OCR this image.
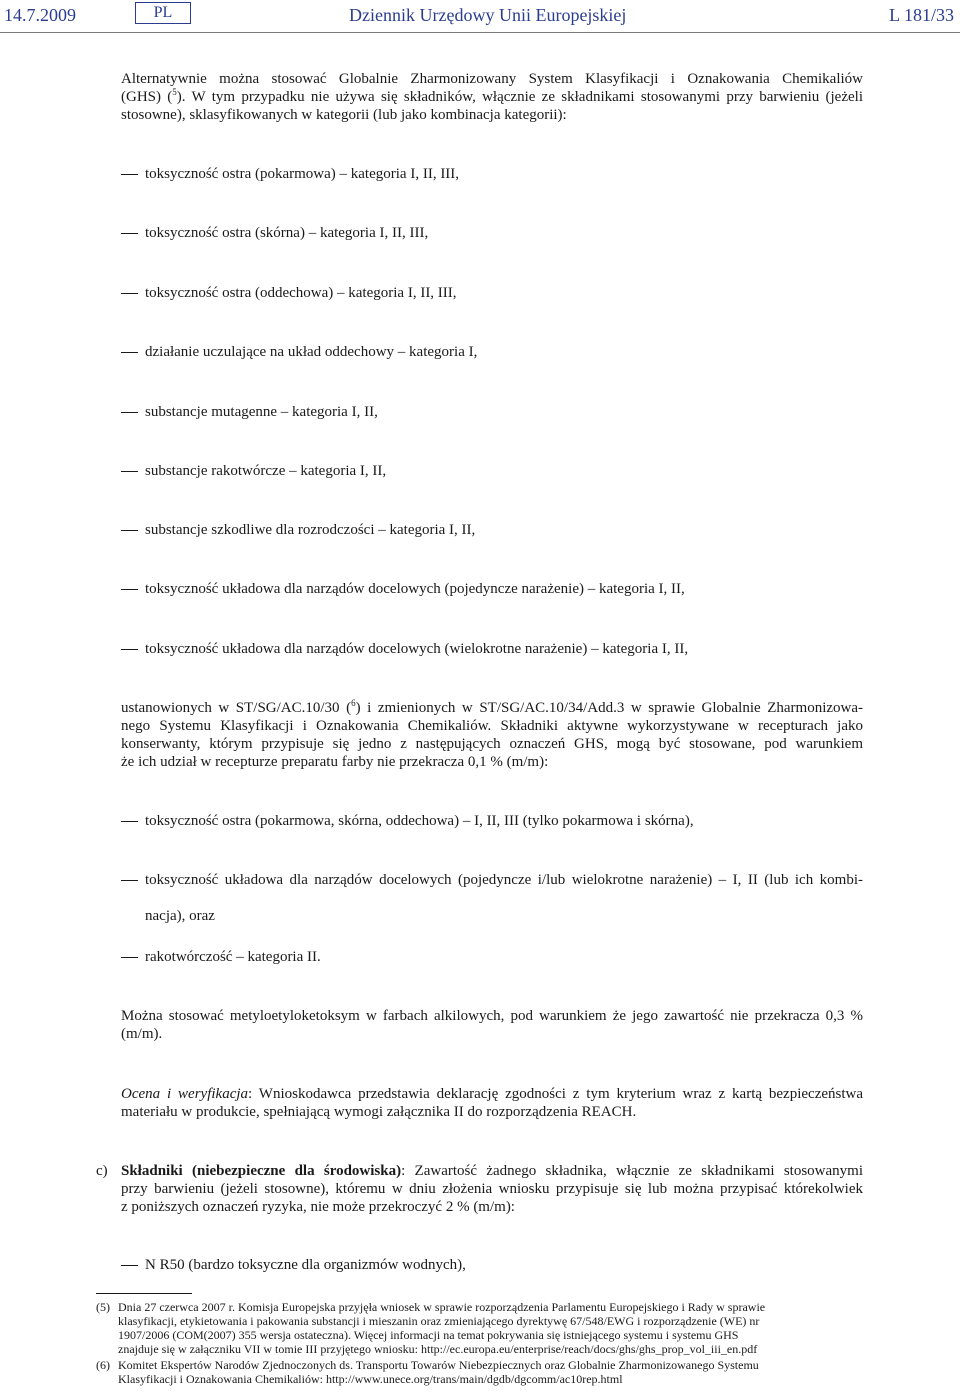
14.7.2009	PL	Dziennik Urzędowy Unii Europejskiej	L 181/33
Alternatywnie można stosować Globalnie Zharmonizowany System Klasyfikacji i Oznakowania Chemikaliów
(GHS) ($^5$). W tym przypadku nie używa się składników, włącznie ze składnikami stosowanymi przy barwieniu (jeżeli
stosowne), sklasyfikowanych w kategorii (lub jako kombinacja kategorii):
toksyczność ostra (pokarmowa) – kategoria I, II, III,
toksyczność ostra (skórna) – kategoria I, II, III,
toksyczność ostra (oddechowa) – kategoria I, II, III,
działanie uczulające na układ oddechowy – kategoria I,
substancje mutagenne – kategoria I, II,
substancje rakotwórcze – kategoria I, II,
substancje szkodliwe dla rozrodczości – kategoria I, II,
toksyczność układowa dla narządów docelowych (pojedyncze narażenie) – kategoria I, II,
toksyczność układowa dla narządów docelowych (wielokrotne narażenie) – kategoria I, II,
ustanowionych w ST/SG/AC.10/30 ($^6$) i zmienionych w ST/SG/AC.10/34/Add.3 w sprawie Globalnie Zharmonizowa-
nego Systemu Klasyfikacji i Oznakowania Chemikaliów. Składniki aktywne wykorzystywane w recepturach jako
konserwanty, którym przypisuje się jedno z następujących oznaczeń GHS, mogą być stosowane, pod warunkiem
że ich udział w recepturze preparatu farby nie przekracza 0,1 % (m/m):
toksyczność ostra (pokarmowa, skórna, oddechowa) – I, II, III (tylko pokarmowa i skórna),
toksyczność układowa dla narządów docelowych (pojedyncze i/lub wielokrotne narażenie) – I, II (lub ich kombi-
nacja), oraz
rakotwórczość – kategoria II.
Można stosować metyloetyloketoksym w farbach alkilowych, pod warunkiem że jego zawartość nie przekracza 0,3 %
(m/m).
Ocena i weryfikacja: Wnioskodawca przedstawia deklarację zgodności z tym kryterium wraz z kartą bezpieczeństwa
materiału w produkcie, spełniającą wymogi załącznika II do rozporządzenia REACH.
c) Składniki (niebezpieczne dla środowiska): Zawartość żadnego składnika, włącznie ze składnikami stosowanymi
przy barwieniu (jeżeli stosowne), któremu w dniu złożenia wniosku przypisuje się lub można przypisać którekolwiek
z poniższych oznaczeń ryzyka, nie może przekroczyć 2 % (m/m):
N R50 (bardzo toksyczne dla organizmów wodnych),
(5) Dnia 27 czerwca 2007 r. Komisja Europejska przyjęła wniosek w sprawie rozporządzenia Parlamentu Europejskiego i Rady w sprawie
klasyfikacji, etykietowania i pakowania substancji i mieszanin oraz zmieniającego dyrektywę 67/548/EWG i rozporządzenie (WE) nr
1907/2006 (COM(2007) 355 wersja ostateczna). Więcej informacji na temat pokrywania się istniejącego systemu i systemu GHS
znajduje się w załączniku VII w tomie III przyjętego wniosku: http://ec.europa.eu/enterprise/reach/docs/ghs/ghs_prop_vol_iii_en.pdf
(6) Komitet Ekspertów Narodów Zjednoczonych ds. Transportu Towarów Niebezpiecznych oraz Globalnie Zharmonizowanego Systemu
Klasyfikacji i Oznakowania Chemikaliów: http://www.unece.org/trans/main/dgdb/dgcomm/ac10rep.html
